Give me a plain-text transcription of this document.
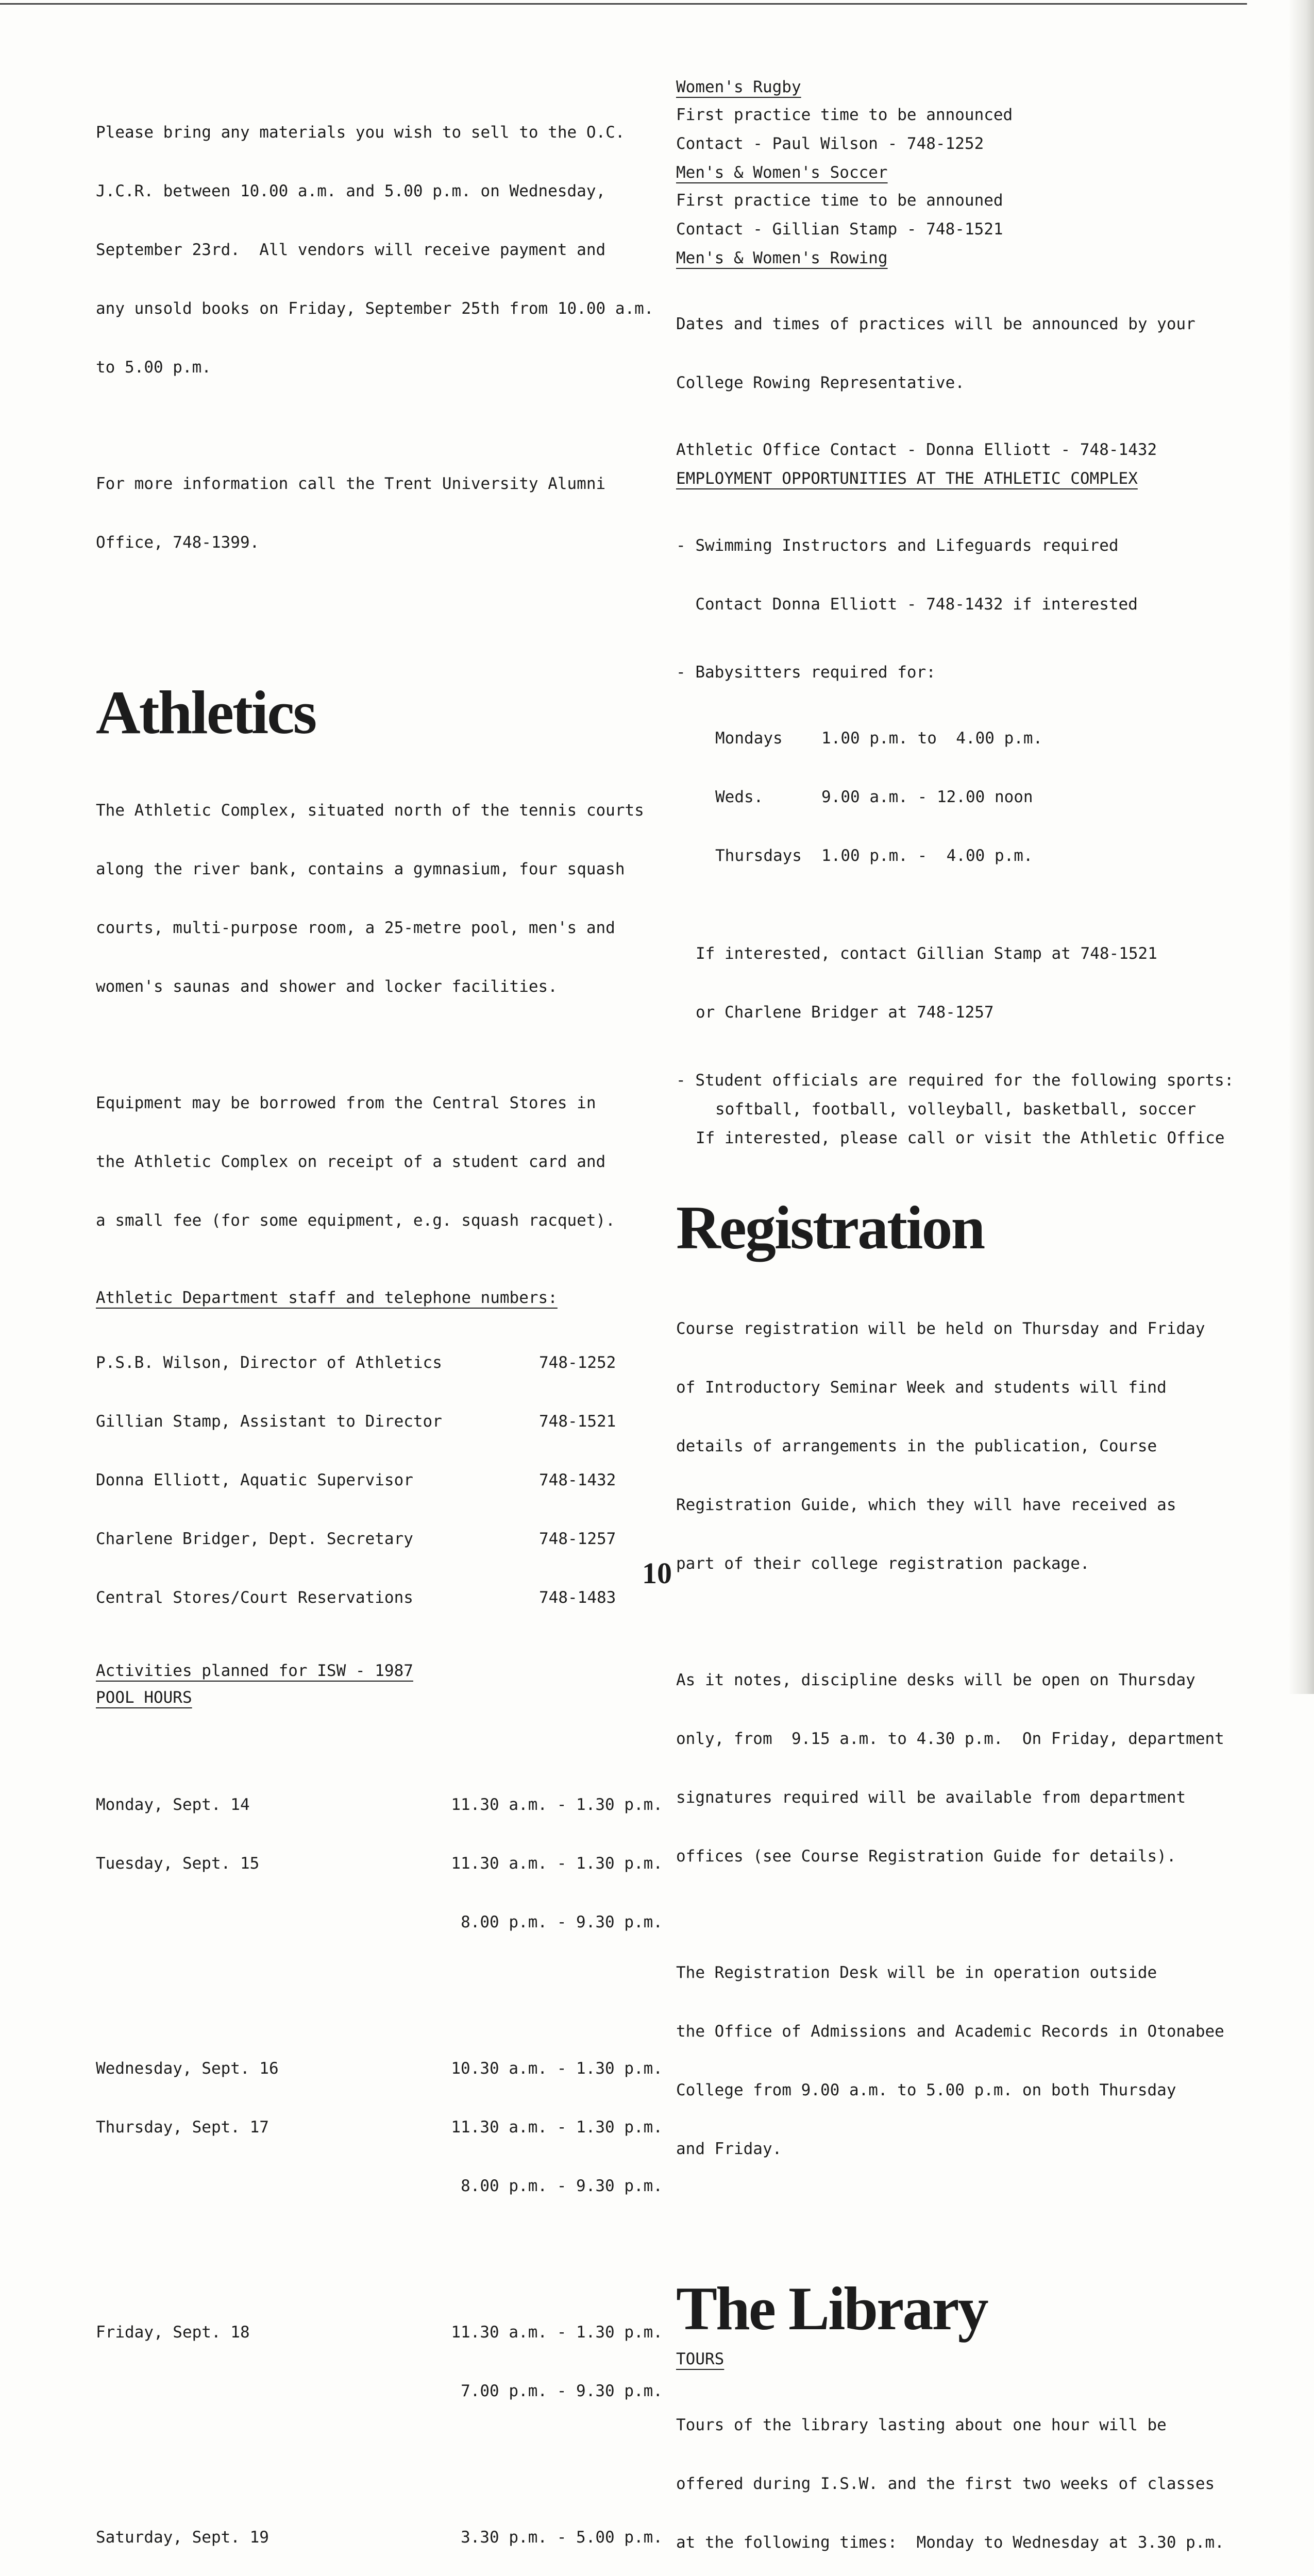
Please bring any materials you wish to sell to the O.C.

J.C.R. between 10.00 a.m. and 5.00 p.m. on Wednesday,

September 23rd.  All vendors will receive payment and

any unsold books on Friday, September 25th from 10.00 a.m.

to 5.00 p.m.

For more information call the Trent University Alumni

Office, 748-1399.

Athletics

The Athletic Complex, situated north of the tennis courts

along the river bank, contains a gymnasium, four squash

courts, multi-purpose room, a 25-metre pool, men's and

women's saunas and shower and locker facilities.

Equipment may be borrowed from the Central Stores in

the Athletic Complex on receipt of a student card and

a small fee (for some equipment, e.g. squash racquet).

Athletic Department staff and telephone numbers:

P.S.B. Wilson, Director of Athletics	748-1252

Gillian Stamp, Assistant to Director	748-1521

Donna Elliott, Aquatic Supervisor	748-1432

Charlene Bridger, Dept. Secretary	748-1257

Central Stores/Court Reservations	748-1483

Activities planned for ISW - 1987
POOL HOURS

Monday, Sept. 14	11.30 a.m. - 1.30 p.m.

Tuesday, Sept. 15	11.30 a.m. - 1.30 p.m.

8.00 p.m. - 9.30 p.m.

Wednesday, Sept. 16	10.30 a.m. - 1.30 p.m.

Thursday, Sept. 17	11.30 a.m. - 1.30 p.m.

8.00 p.m. - 9.30 p.m.

Friday, Sept. 18	11.30 a.m. - 1.30 p.m.

7.00 p.m. - 9.30 p.m.

Saturday, Sept. 19	3.30 p.m. - 5.00 p.m.

Women's Rugby
First practice time to be announced
Contact - Paul Wilson - 748-1252
Men's & Women's Soccer
First practice time to be announed
Contact - Gillian Stamp - 748-1521
Men's & Women's Rowing

Dates and times of practices will be announced by your

College Rowing Representative.

Athletic Office Contact - Donna Elliott - 748-1432
EMPLOYMENT OPPORTUNITIES AT THE ATHLETIC COMPLEX

- Swimming Instructors and Lifeguards required

Contact Donna Elliott - 748-1432 if interested

- Babysitters required for:

Mondays	1.00 p.m. to  4.00 p.m.

Weds.	9.00 a.m. - 12.00 noon

Thursdays	1.00 p.m. -  4.00 p.m.

If interested, contact Gillian Stamp at 748-1521

or Charlene Bridger at 748-1257

- Student officials are required for the following sports:
softball, football, volleyball, basketball, soccer
If interested, please call or visit the Athletic Office
Registration

Course registration will be held on Thursday and Friday

of Introductory Seminar Week and students will find

details of arrangements in the publication, Course

Registration Guide, which they will have received as

part of their college registration package.

As it notes, discipline desks will be open on Thursday

only, from  9.15 a.m. to 4.30 p.m.  On Friday, department

signatures required will be available from department

offices (see Course Registration Guide for details).

The Registration Desk will be in operation outside

the Office of Admissions and Academic Records in Otonabee

College from 9.00 a.m. to 5.00 p.m. on both Thursday

and Friday.

The Library
TOURS

Tours of the library lasting about one hour will be

offered during I.S.W. and the first two weeks of classes

at the following times:  Monday to Wednesday at 3.30 p.m.

10
